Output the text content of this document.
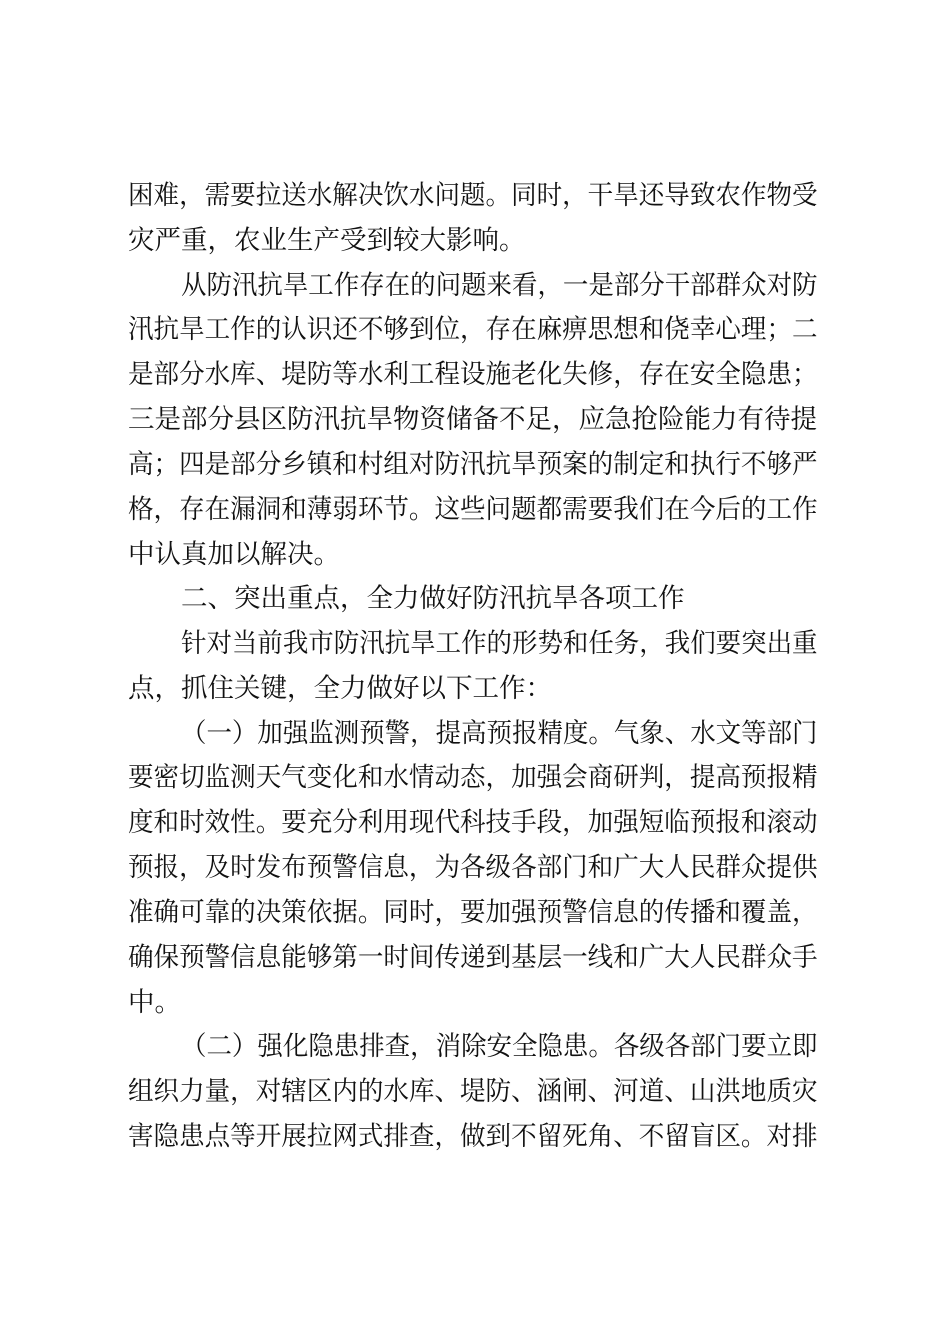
困难，需要拉送水解决饮水问题。同时，干旱还导致农作物受
灾严重，农业生产受到较大影响。
从防汛抗旱工作存在的问题来看，一是部分干部群众对防
汛抗旱工作的认识还不够到位，存在麻痹思想和侥幸心理；二
是部分水库、堤防等水利工程设施老化失修，存在安全隐患；
三是部分县区防汛抗旱物资储备不足，应急抢险能力有待提
高；四是部分乡镇和村组对防汛抗旱预案的制定和执行不够严
格，存在漏洞和薄弱环节。这些问题都需要我们在今后的工作
中认真加以解决。
二、突出重点，全力做好防汛抗旱各项工作
针对当前我市防汛抗旱工作的形势和任务，我们要突出重
点，抓住关键，全力做好以下工作：
（一）加强监测预警，提高预报精度。气象、水文等部门
要密切监测天气变化和水情动态，加强会商研判，提高预报精
度和时效性。要充分利用现代科技手段，加强短临预报和滚动
预报，及时发布预警信息，为各级各部门和广大人民群众提供
准确可靠的决策依据。同时，要加强预警信息的传播和覆盖，
确保预警信息能够第一时间传递到基层一线和广大人民群众手
中。
（二）强化隐患排查，消除安全隐患。各级各部门要立即
组织力量，对辖区内的水库、堤防、涵闸、河道、山洪地质灾
害隐患点等开展拉网式排查，做到不留死角、不留盲区。对排
